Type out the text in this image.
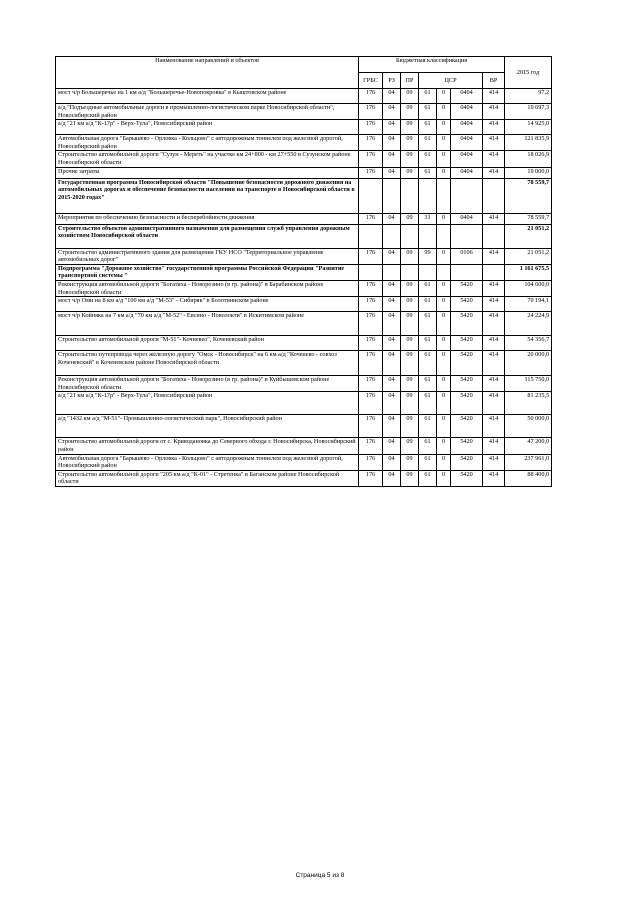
Наименование направлений и объектов	Бюджетная классификация							2015 год
	ГРБС	РЗ	ПР	ЦСР			ВР	
мост ч/р Большеречье на 1 км а/д "Большеречье-Новопокровка" в Кыштовском районе	176	04	09	61	0	0404	414	97,2
а/д "Подъездные автомобильные дороги в промышленно-логистическом парке Новосибирской области", Новосибирский район	176	04	09	61	0	0404	414	19 697,3
а/д "21 км а/д "К-17р" - Верх-Тула", Новосибирский район	176	04	09	61	0	0404	414	14 925,0
Автомобильная дорога "Барышево - Орловка - Кольцово" с автодорожным тоннелем под железной дорогой, Новосибирский район	176	04	09	61	0	0404	414	121 835,9
Строительство автомобильной дороги "Сузун - Мереть" на участке км 24+800 - км 27+550 в Сузунском районе Новосибирской области	176	04	09	61	0	0404	414	18 026,9
Прочие затраты	176	04	09	61	0	0404	414	19 000,0
Государственная программа Новосибирской области "Повышение безопасности дорожного движения на автомобильных дорогах и обеспечение безопасности населения на транспорте в Новосибирской области в 2015-2020 годах"								78 559,7
Мероприятия по обеспечению безопасности и бесперебойности движения	176	04	09	31	0	0404	414	78 559,7
Строительство объектов административного назначения для размещения служб управления дорожным хозяйством Новосибирской области								21 051,2
Строительство административного здания для размещения ГКУ НСО "Территориальное управление автомобильных дорог"	176	04	09	99	0	0106	414	21 051,2
Подпрограмма "Дорожное хозяйство" государственной программы Российской Федерации "Развитие транспортной системы "								1 161 675,5
Реконструкция автомобильной дороги "Богатиха - Новорозино (в гр. района)" в Барабинском районе Новосибирской области	176	04	09	61	0	5420	414	104 600,0
мост ч/р Оми на 8 км а/д "100 км а/д "М-53" - Сибиряк" в Болотнинском районе	176	04	09	61	0	5420	414	70 194,1
мост ч/р Койняка на 7 км а/д "70 км а/д "М-52" - Евсино - Новолокти" в Искитимском районе	176	04	09	61	0	5420	414	24 224,9
Строительство автомобильной дороги "М-51"- Кочневео", Коченевский район	176	04	09	61	0	5420	414	54 356,7
Строительство путепровода через железную дорогу "Омск - Новосибирск" на 6 км а/д "Коченево - совхоз Коченевский" в Коченевском районе Новосибирской области	176	04	09	61	0	5420	414	20 000,0
Реконструкция автомобильной дороги "Богатиха - Новорозино (в гр. района)" в Куйбышевском районе Новосибирской области	176	04	09	61	0	5420	414	115 750,0
а/д "21 км а/д "К-17р" - Верх-Тула", Новосибирский район	176	04	09	61	0	5420	414	81 235,5
а/д "1432 км а/д "М-51"- Промышленно-логистический парк", Новосибирский район	176	04	09	61	0	5420	414	50 000,0
Строительство автомобильной дороги от с. Криводановка до Северного обхода г. Новосибирска, Новосибирский район	176	04	09	61	0	5420	414	47 200,0
Автомобильная дорога "Барышево - Орловка - Кольцово" с автодорожным тоннелем под железной дорогой, Новосибирский район	176	04	09	61	0	5420	414	237 961,0
Строительство автомобильной дороги "205 км а/д "К-01" - Стретенка" в Баганском районе Новосибирской области	176	04	09	61	0	5420	414	88 400,0
Страница 5 из 8
